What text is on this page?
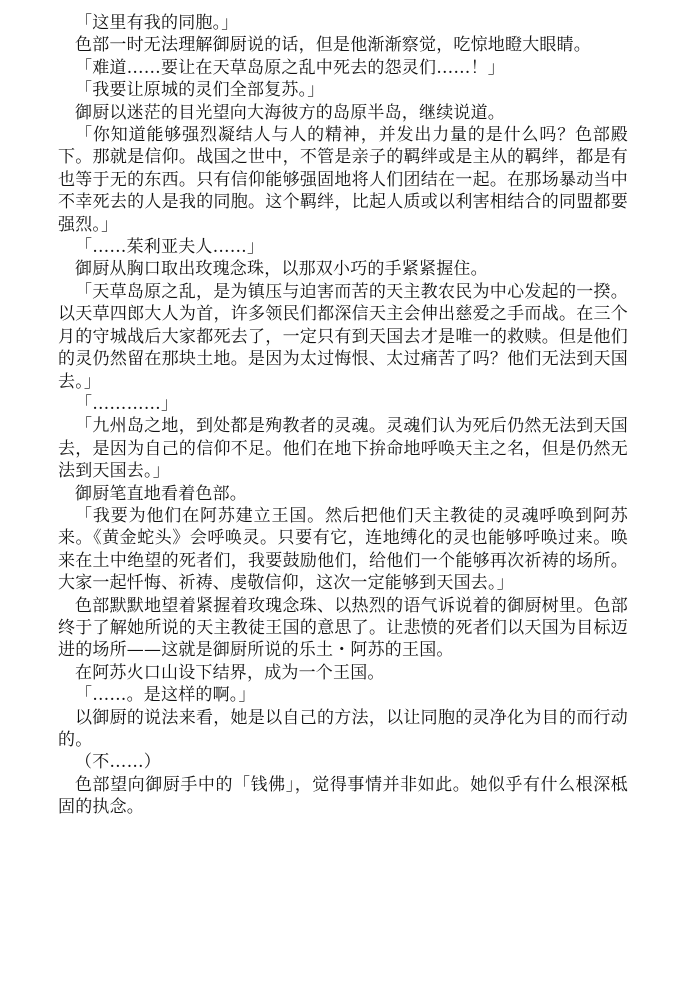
「这里有我的同胞。」

色部一时无法理解御厨说的话，但是他渐渐察觉，吃惊地瞪大眼睛。

「难道……要让在天草岛原之乱中死去的怨灵们……！」

「我要让原城的灵们全部复苏。」

御厨以迷茫的目光望向大海彼方的岛原半岛，继续说道。

「你知道能够强烈凝结人与人的精神，并发出力量的是什么吗？色部殿下。那就是信仰。战国之世中，不管是亲子的羁绊或是主从的羁绊，都是有也等于无的东西。只有信仰能够强固地将人们团结在一起。在那场暴动当中不幸死去的人是我的同胞。这个羁绊，比起人质或以利害相结合的同盟都要强烈。」

「……茱利亚夫人……」

御厨从胸口取出玫瑰念珠，以那双小巧的手紧紧握住。

「天草岛原之乱，是为镇压与迫害而苦的天主教农民为中心发起的一揆。以天草四郎大人为首，许多领民们都深信天主会伸出慈爱之手而战。在三个月的守城战后大家都死去了，一定只有到天国去才是唯一的救赎。但是他们的灵仍然留在那块土地。是因为太过悔恨、太过痛苦了吗？他们无法到天国去。」

「…………」

「九州岛之地，到处都是殉教者的灵魂。灵魂们认为死后仍然无法到天国去，是因为自己的信仰不足。他们在地下拚命地呼唤天主之名，但是仍然无法到天国去。」

御厨笔直地看着色部。

「我要为他们在阿苏建立王国。然后把他们天主教徒的灵魂呼唤到阿苏来。《黄金蛇头》会呼唤灵。只要有它，连地缚化的灵也能够呼唤过来。唤来在土中绝望的死者们，我要鼓励他们，给他们一个能够再次祈祷的场所。大家一起忏悔、祈祷、虔敬信仰，这次一定能够到天国去。」

色部默默地望着紧握着玫瑰念珠、以热烈的语气诉说着的御厨树里。色部终于了解她所说的天主教徒王国的意思了。让悲愤的死者们以天国为目标迈进的场所——这就是御厨所说的乐土・阿苏的王国。

在阿苏火口山设下结界，成为一个王国。

「……。是这样的啊。」

以御厨的说法来看，她是以自己的方法，以让同胞的灵净化为目的而行动的。

（不……）

色部望向御厨手中的「钱佛」，觉得事情并非如此。她似乎有什么根深柢固的执念。
